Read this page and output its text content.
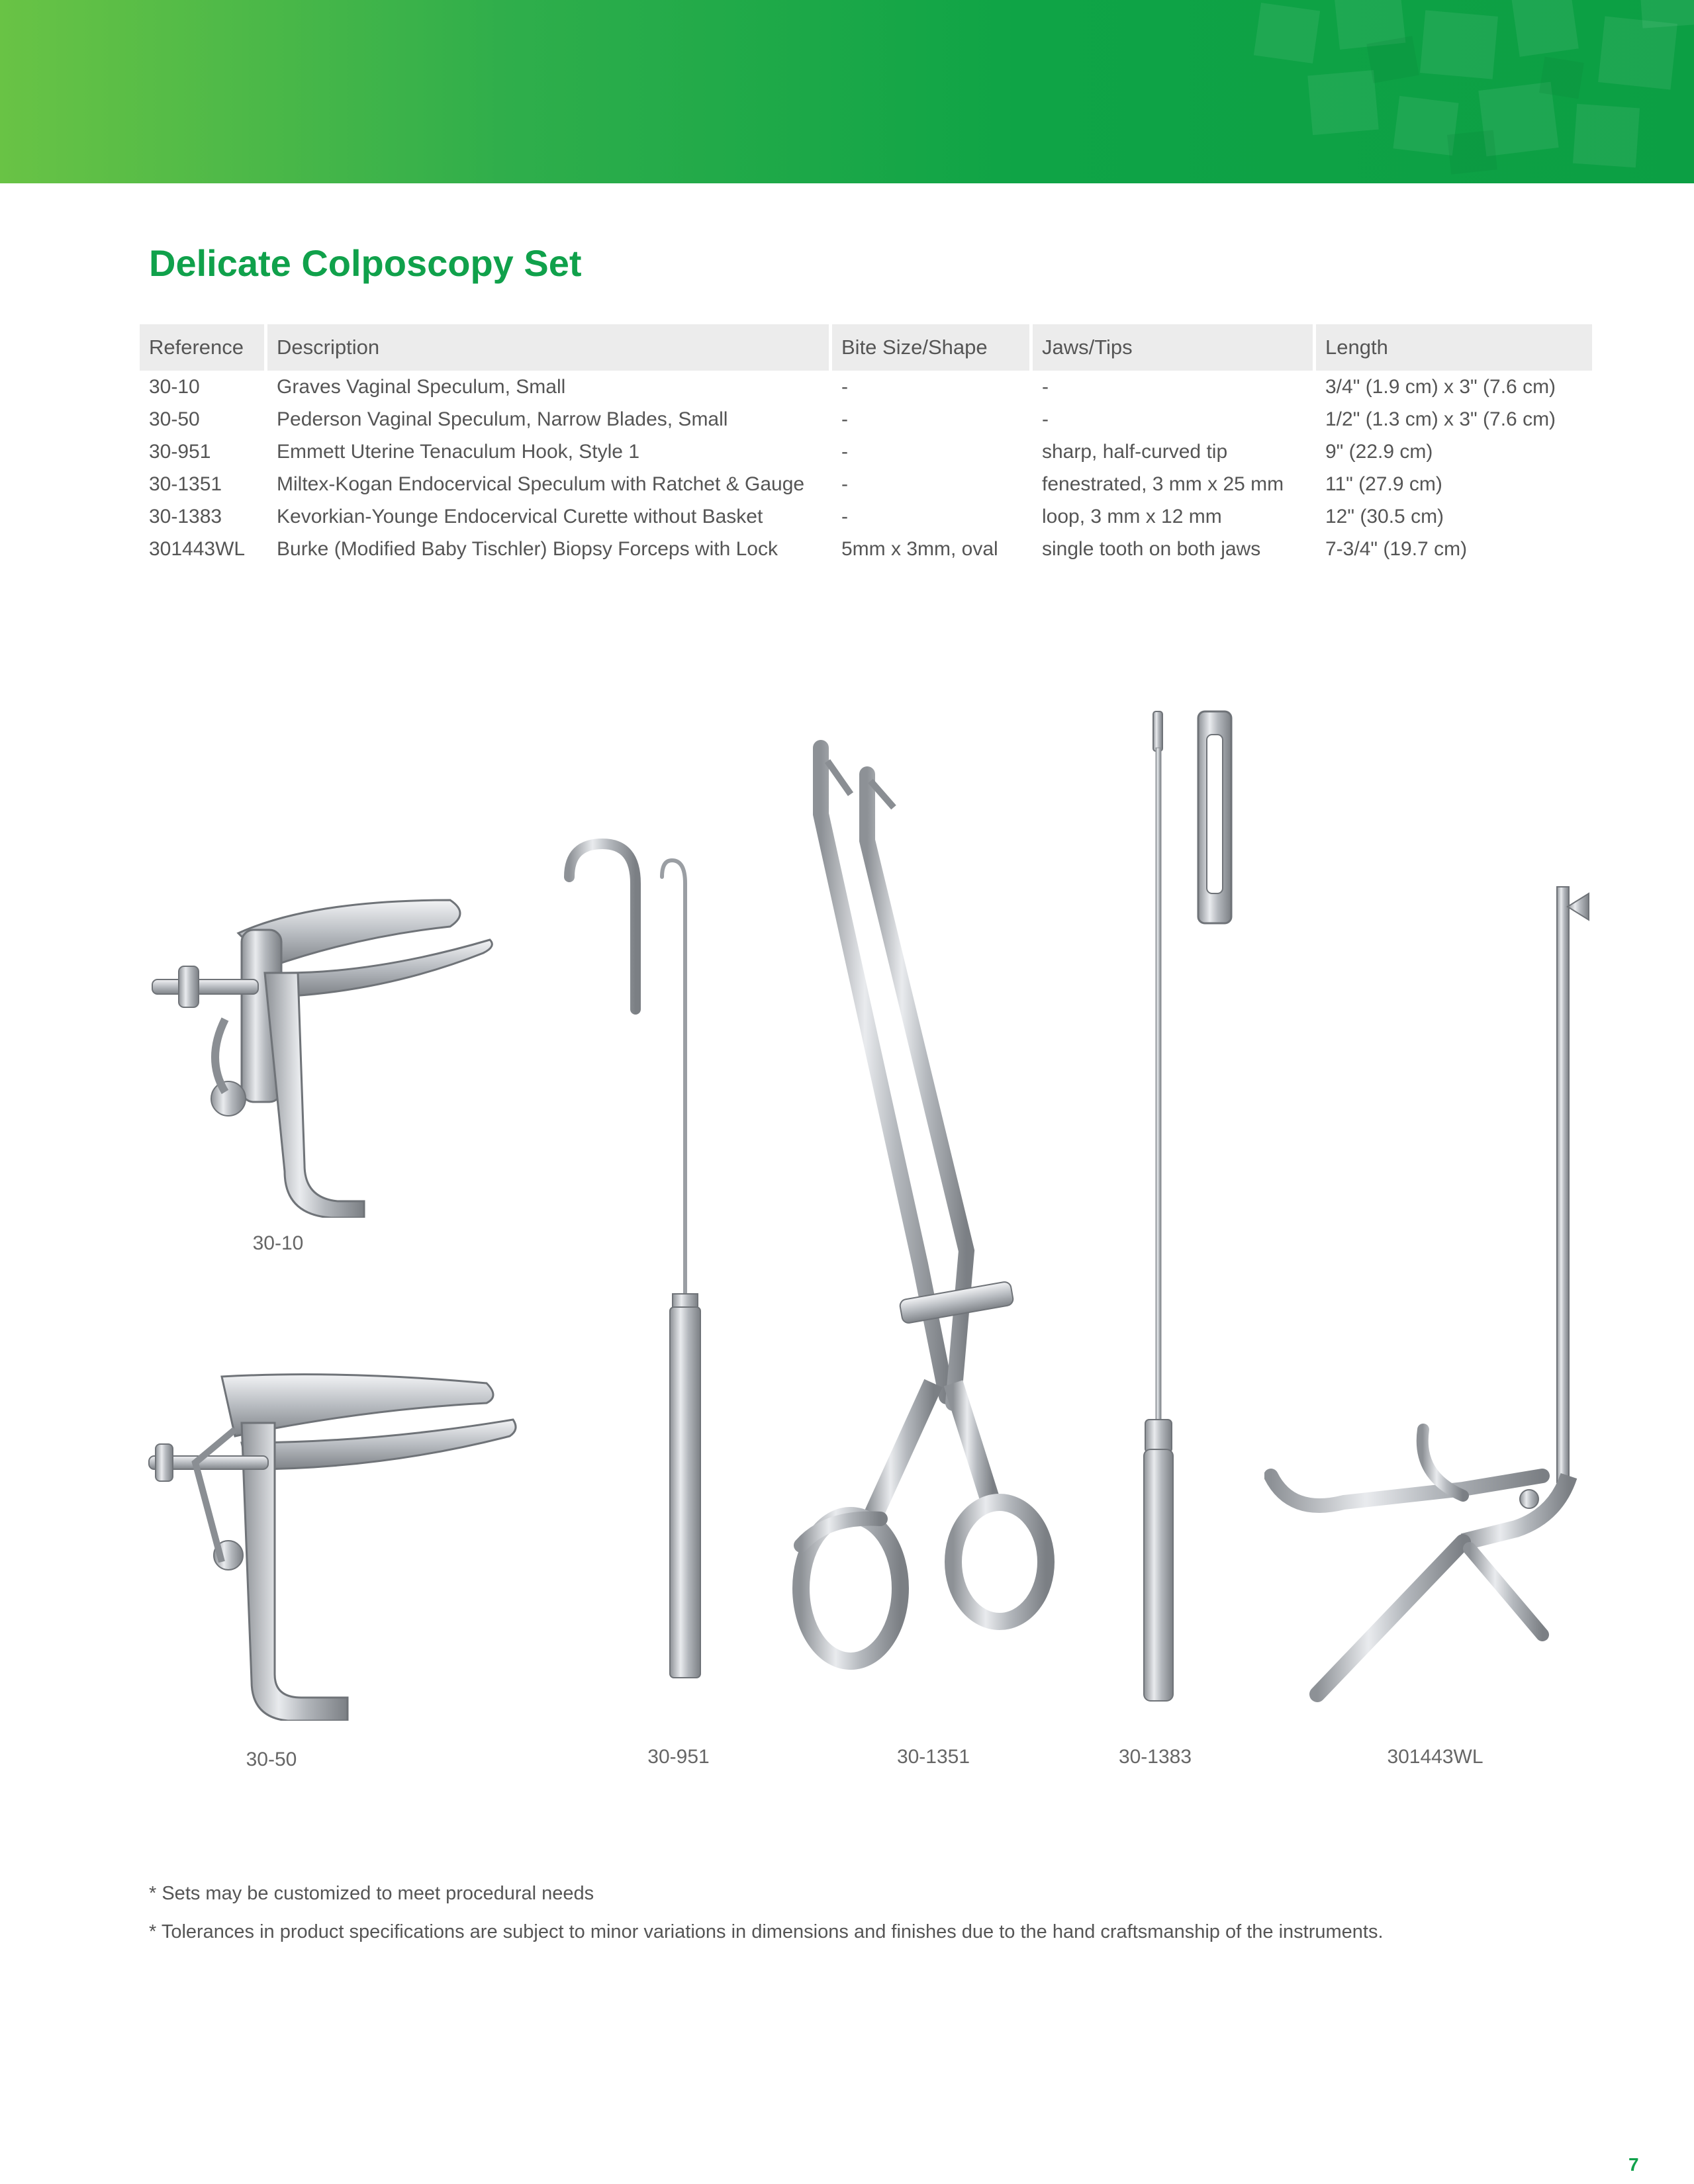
Delicate Colposcopy Set
Reference	Description	Bite Size/Shape	Jaws/Tips	Length
30-10	Graves Vaginal Speculum, Small	-	-	3/4" (1.9 cm) x 3" (7.6 cm)
30-50	Pederson Vaginal Speculum, Narrow Blades, Small	-	-	1/2" (1.3 cm) x 3" (7.6 cm)
30-951	Emmett Uterine Tenaculum Hook, Style 1	-	sharp, half-curved tip	9" (22.9 cm)
30-1351	Miltex-Kogan Endocervical Speculum with Ratchet & Gauge	-	fenestrated, 3 mm x 25 mm	11" (27.9 cm)
30-1383	Kevorkian-Younge Endocervical Curette without Basket	-	loop, 3 mm x 12 mm	12" (30.5 cm)
301443WL	Burke (Modified Baby Tischler) Biopsy Forceps with Lock	5mm x 3mm, oval	single tooth on both jaws	7-3/4" (19.7 cm)
30-10
30-50	30-951	30-1351	30-1383	301443WL
* Sets may be customized to meet procedural needs
* Tolerances in product specifications are subject to minor variations in dimensions and finishes due to the hand craftsmanship of the instruments.
7
